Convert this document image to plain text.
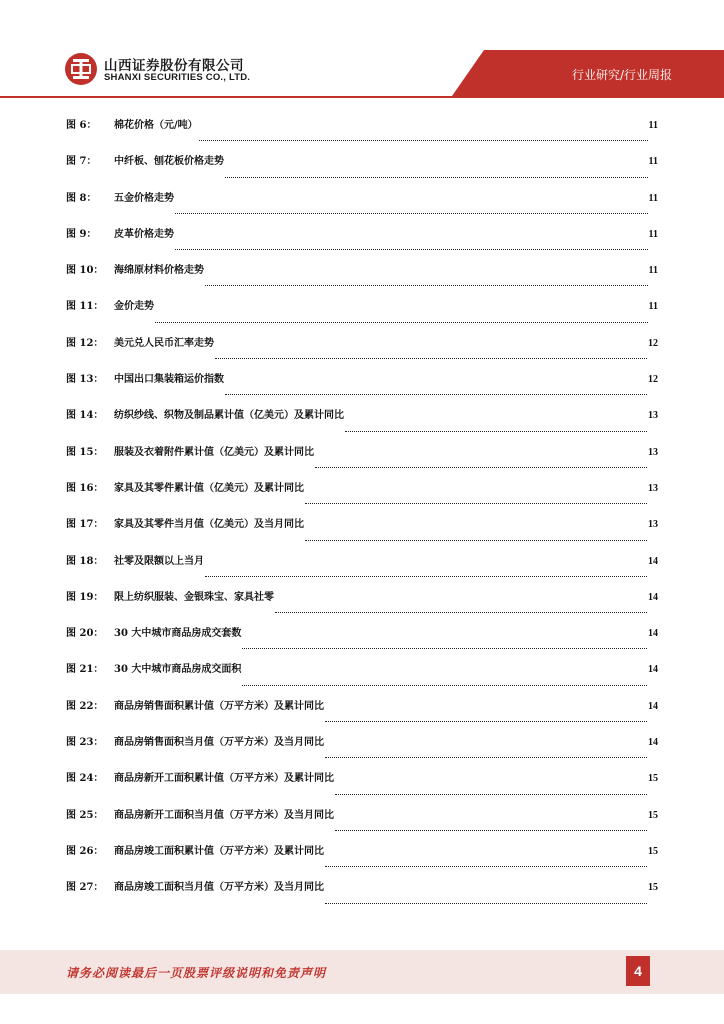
山西证券股份有限公司
SHANXI SECURITIES CO., LTD.	行业研究/行业周报
图 6：	棉花价格（元/吨）	11
图 7：	中纤板、刨花板价格走势	11
图 8：	五金价格走势	11
图 9：	皮革价格走势	11
图 10：	海绵原材料价格走势	11
图 11：	金价走势	11
图 12：	美元兑人民币汇率走势	12
图 13：	中国出口集装箱运价指数	12
图 14：	纺织纱线、织物及制品累计值（亿美元）及累计同比	13
图 15：	服装及衣着附件累计值（亿美元）及累计同比	13
图 16：	家具及其零件累计值（亿美元）及累计同比	13
图 17：	家具及其零件当月值（亿美元）及当月同比	13
图 18：	社零及限额以上当月	14
图 19：	限上纺织服装、金银珠宝、家具社零	14
图 20：	30 大中城市商品房成交套数	14
图 21：	30 大中城市商品房成交面积	14
图 22：	商品房销售面积累计值（万平方米）及累计同比	14
图 23：	商品房销售面积当月值（万平方米）及当月同比	14
图 24：	商品房新开工面积累计值（万平方米）及累计同比	15
图 25：	商品房新开工面积当月值（万平方米）及当月同比	15
图 26：	商品房竣工面积累计值（万平方米）及累计同比	15
图 27：	商品房竣工面积当月值（万平方米）及当月同比	15
请务必阅读最后一页股票评级说明和免责声明	4
